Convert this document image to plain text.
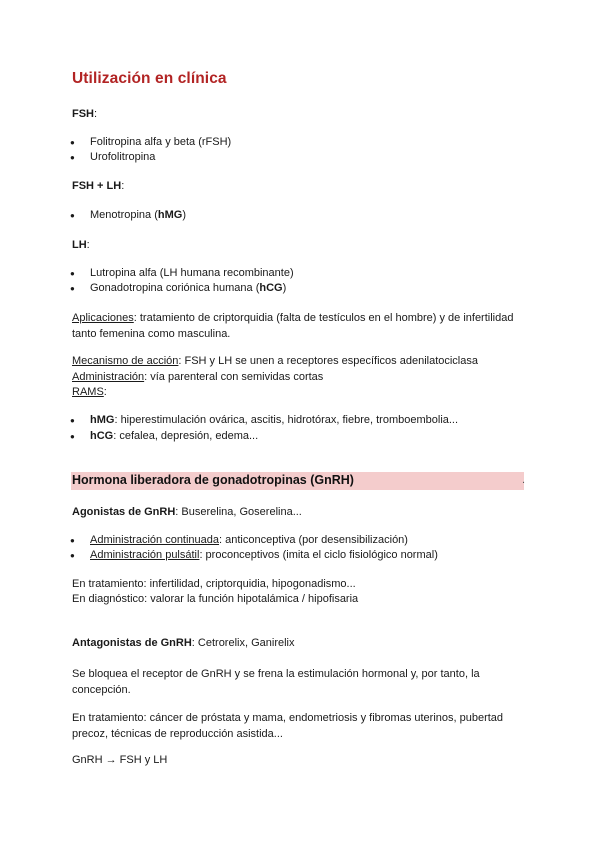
Utilización en clínica
FSH:
● Folitropina alfa y beta (rFSH)
● Urofolitropina
FSH + LH:
● Menotropina (hMG)
LH:
● Lutropina alfa (LH humana recombinante)
● Gonadotropina coriónica humana (hCG)
Aplicaciones: tratamiento de criptorquidia (falta de testículos en el hombre) y de infertilidad tanto femenina como masculina.
Mecanismo de acción: FSH y LH se unen a receptores específicos adenilatociclasa
Administración: vía parenteral con semividas cortas
RAMS:
● hMG: hiperestimulación ovárica, ascitis, hidrotórax, fiebre, tromboembolia...
● hCG: cefalea, depresión, edema...
Hormona liberadora de gonadotropinas (GnRH)	.
Agonistas de GnRH: Buserelina, Goserelina...
● Administración continuada: anticonceptiva (por desensibilización)
● Administración pulsátil: proconceptivos (imita el ciclo fisiológico normal)
En tratamiento: infertilidad, criptorquidia, hipogonadismo...
En diagnóstico: valorar la función hipotalámica / hipofisaria
Antagonistas de GnRH: Cetrorelix, Ganirelix
Se bloquea el receptor de GnRH y se frena la estimulación hormonal y, por tanto, la concepción.
En tratamiento: cáncer de próstata y mama, endometriosis y fibromas uterinos, pubertad precoz, técnicas de reproducción asistida...
GnRH → FSH y LH
